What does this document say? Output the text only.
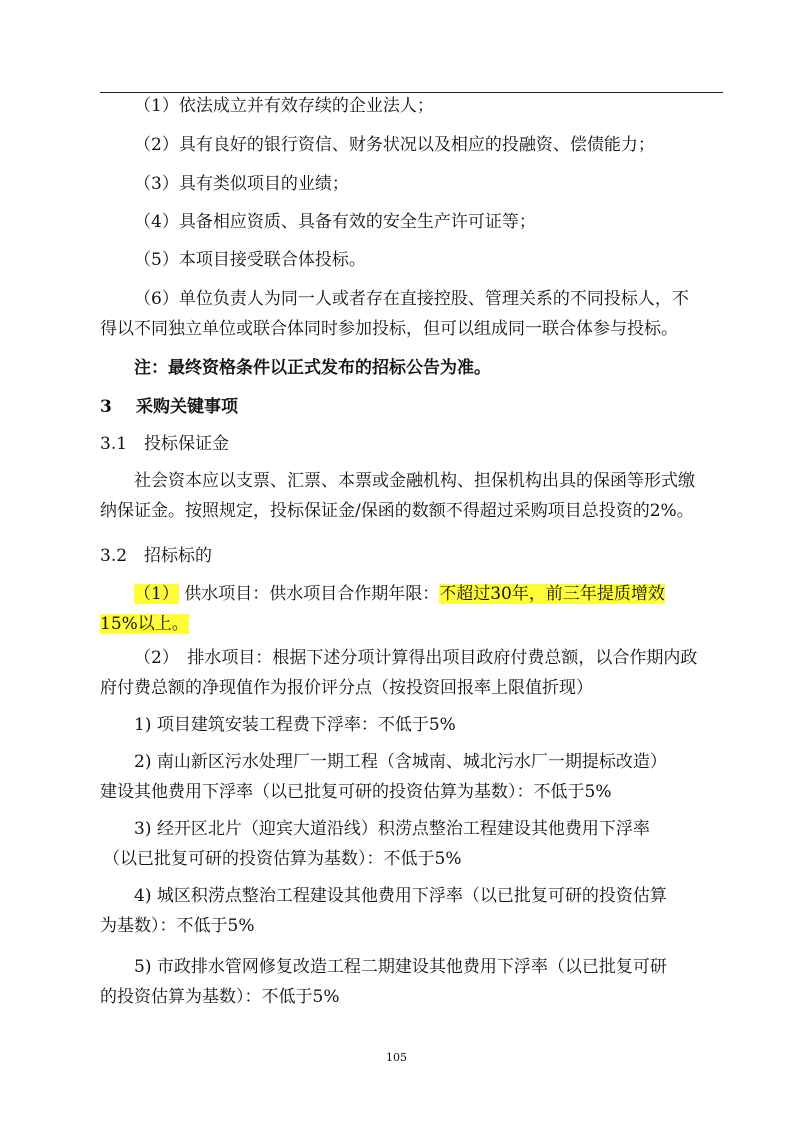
（1）依法成立并有效存续的企业法人；
（2）具有良好的银行资信、财务状况以及相应的投融资、偿债能力；
（3）具有类似项目的业绩；
（4）具备相应资质、具备有效的安全生产许可证等；
（5）本项目接受联合体投标。
（6）单位负责人为同一人或者存在直接控股、管理关系的不同投标人，不
得以不同独立单位或联合体同时参加投标，但可以组成同一联合体参与投标。
注：最终资格条件以正式发布的招标公告为准。
3 采购关键事项
3.1　投标保证金
社会资本应以支票、汇票、本票或金融机构、担保机构出具的保函等形式缴
纳保证金。按照规定，投标保证金/保函的数额不得超过采购项目总投资的2%。
3.2　招标标的
（1） 供水项目：供水项目合作期年限：不超过30年，前三年提质增效
15%以上。
（2）　排水项目：根据下述分项计算得出项目政府付费总额，以合作期内政
府付费总额的净现值作为报价评分点（按投资回报率上限值折现）
1) 项目建筑安装工程费下浮率：不低于5%
2) 南山新区污水处理厂一期工程（含城南、城北污水厂一期提标改造）
建设其他费用下浮率（以已批复可研的投资估算为基数）：不低于5%
3) 经开区北片（迎宾大道沿线）积涝点整治工程建设其他费用下浮率
（以已批复可研的投资估算为基数）：不低于5%
4) 城区积涝点整治工程建设其他费用下浮率（以已批复可研的投资估算
为基数）：不低于5%
5) 市政排水管网修复改造工程二期建设其他费用下浮率（以已批复可研
的投资估算为基数）：不低于5%
105
